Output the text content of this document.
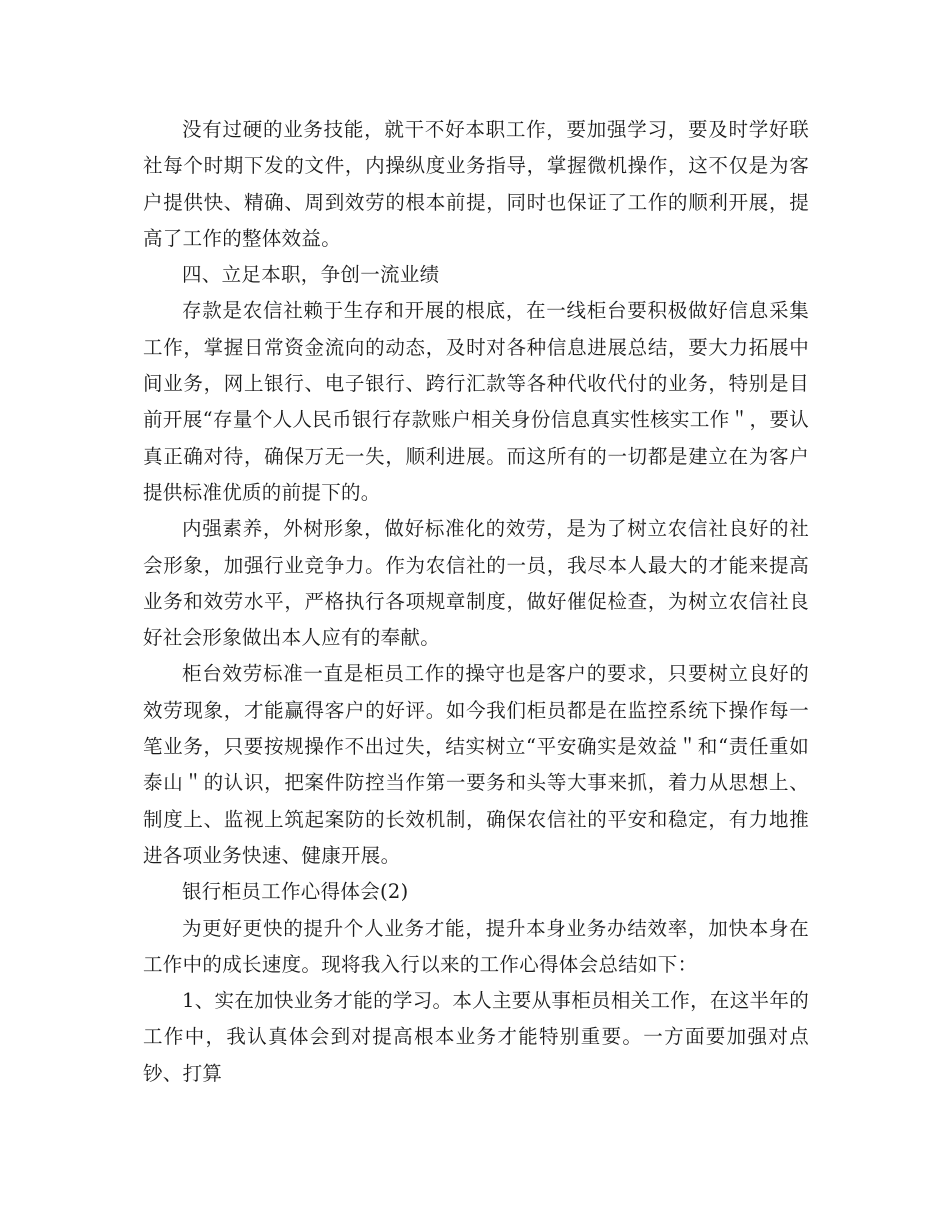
没有过硬的业务技能，就干不好本职工作，要加强学习，要及时学好联社每个时期下发的文件，内操纵度业务指导，掌握微机操作，这不仅是为客户提供快、精确、周到效劳的根本前提，同时也保证了工作的顺利开展，提高了工作的整体效益。

四、立足本职，争创一流业绩

存款是农信社赖于生存和开展的根底，在一线柜台要积极做好信息采集工作，掌握日常资金流向的动态，及时对各种信息进展总结，要大力拓展中间业务，网上银行、电子银行、跨行汇款等各种代收代付的业务，特别是目前开展“存量个人人民币银行存款账户相关身份信息真实性核实工作＂，要认真正确对待，确保万无一失，顺利进展。而这所有的一切都是建立在为客户提供标准优质的前提下的。

内强素养，外树形象，做好标准化的效劳，是为了树立农信社良好的社会形象，加强行业竞争力。作为农信社的一员，我尽本人最大的才能来提高业务和效劳水平，严格执行各项规章制度，做好催促检查，为树立农信社良好社会形象做出本人应有的奉献。

柜台效劳标准一直是柜员工作的操守也是客户的要求，只要树立良好的效劳现象，才能赢得客户的好评。如今我们柜员都是在监控系统下操作每一笔业务，只要按规操作不出过失，结实树立“平安确实是效益＂和“责任重如泰山＂的认识，把案件防控当作第一要务和头等大事来抓，着力从思想上、制度上、监视上筑起案防的长效机制，确保农信社的平安和稳定，有力地推进各项业务快速、健康开展。

银行柜员工作心得体会(2)

为更好更快的提升个人业务才能，提升本身业务办结效率，加快本身在工作中的成长速度。现将我入行以来的工作心得体会总结如下：

1、实在加快业务才能的学习。本人主要从事柜员相关工作，在这半年的工作中，我认真体会到对提高根本业务才能特别重要。一方面要加强对点钞、打算
